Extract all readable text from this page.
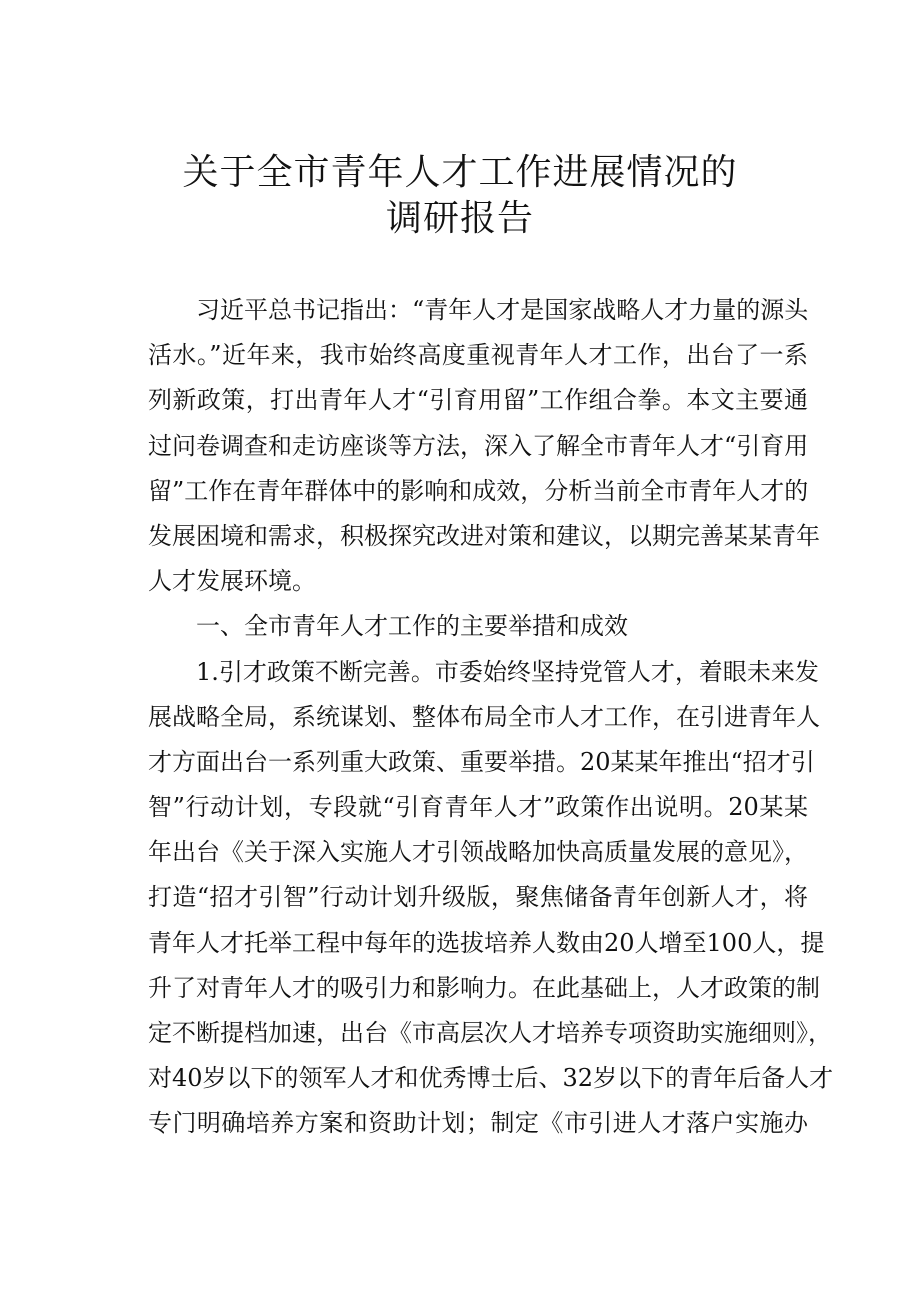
关于全市青年人才工作进展情况的
调研报告
习近平总书记指出：“青年人才是国家战略人才力量的源头
活水。”近年来，我市始终高度重视青年人才工作，出台了一系
列新政策，打出青年人才“引育用留”工作组合拳。本文主要通
过问卷调查和走访座谈等方法，深入了解全市青年人才“引育用
留”工作在青年群体中的影响和成效，分析当前全市青年人才的
发展困境和需求，积极探究改进对策和建议，以期完善某某青年
人才发展环境。
一、全市青年人才工作的主要举措和成效
1.引才政策不断完善。市委始终坚持党管人才，着眼未来发
展战略全局，系统谋划、整体布局全市人才工作，在引进青年人
才方面出台一系列重大政策、重要举措。20某某年推出“招才引
智”行动计划，专段就“引育青年人才”政策作出说明。20某某
年出台《关于深入实施人才引领战略加快高质量发展的意见》，
打造“招才引智”行动计划升级版，聚焦储备青年创新人才，将
青年人才托举工程中每年的选拔培养人数由20人增至100人，提
升了对青年人才的吸引力和影响力。在此基础上，人才政策的制
定不断提档加速，出台《市高层次人才培养专项资助实施细则》，
对40岁以下的领军人才和优秀博士后、32岁以下的青年后备人才
专门明确培养方案和资助计划；制定《市引进人才落户实施办
